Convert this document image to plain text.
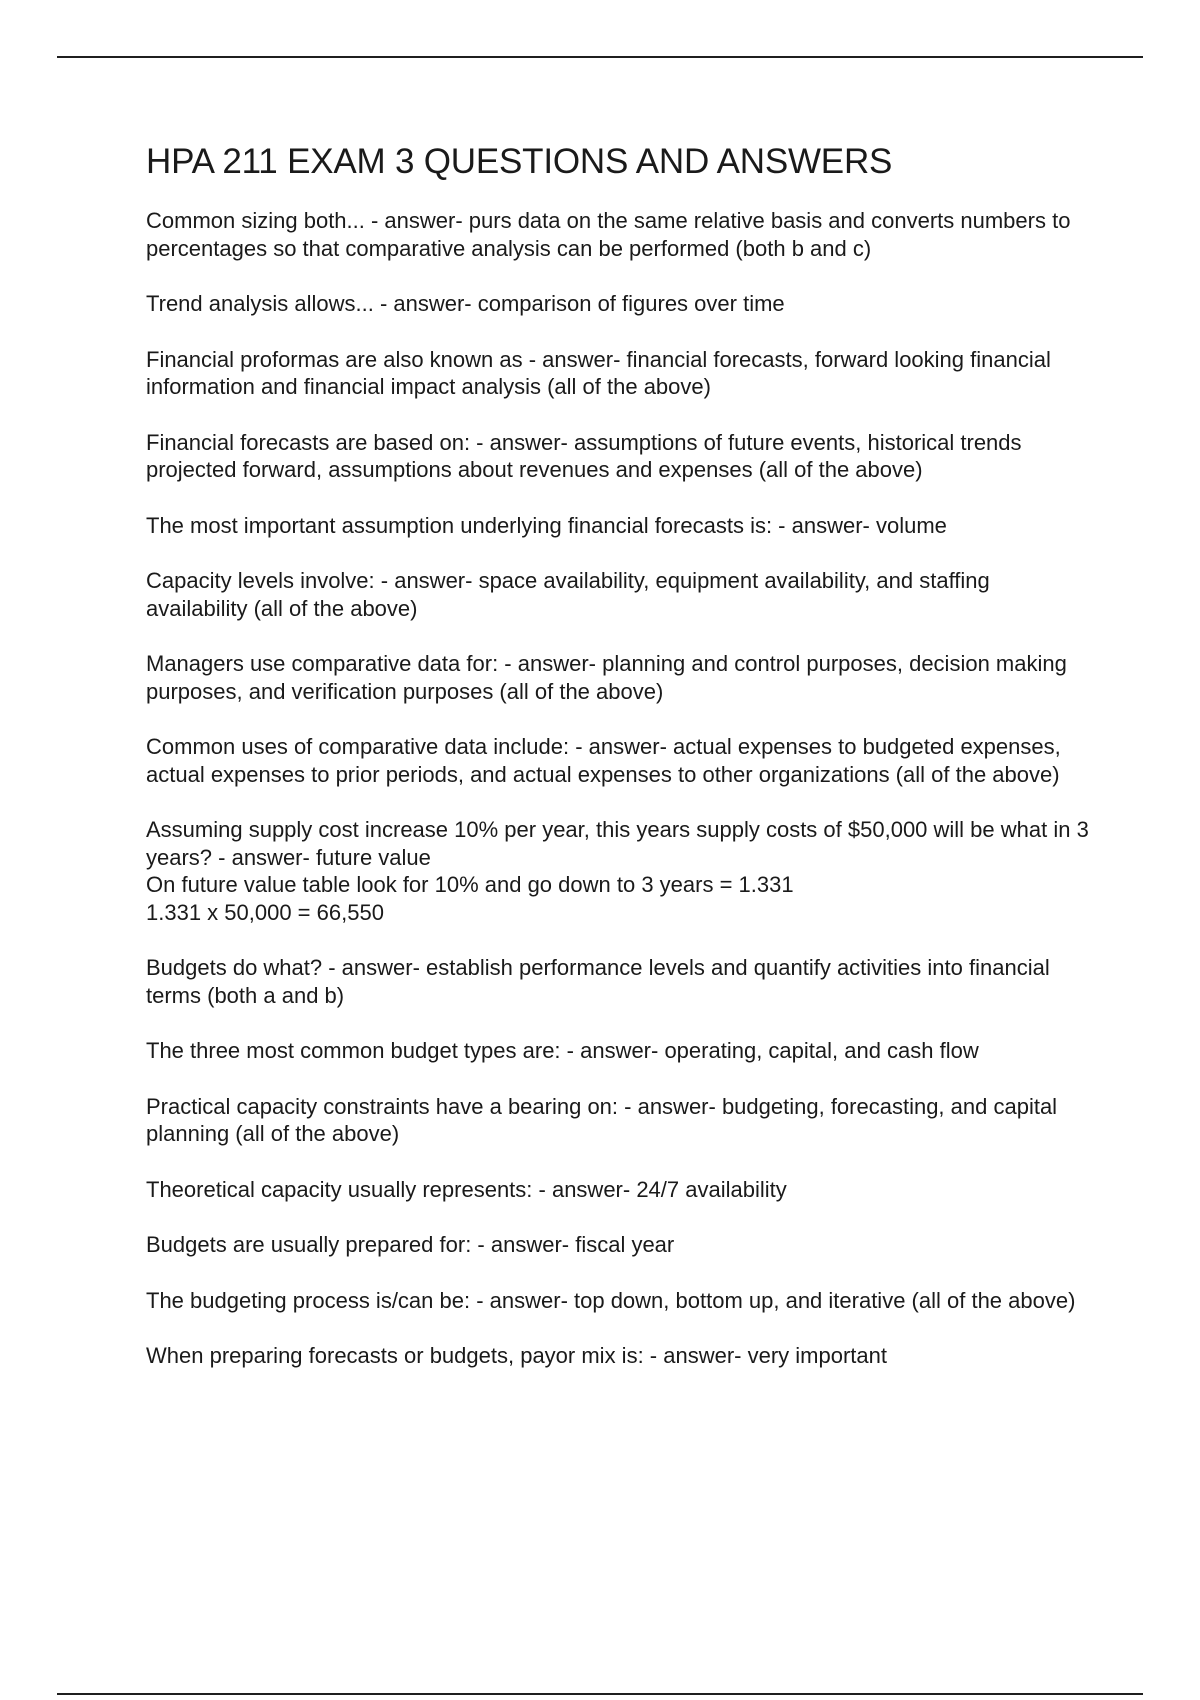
HPA 211 EXAM 3 QUESTIONS AND ANSWERS

Common sizing both... - answer- purs data on the same relative basis and converts numbers to percentages so that comparative analysis can be performed (both b and c)

Trend analysis allows... - answer- comparison of figures over time

Financial proformas are also known as - answer- financial forecasts, forward looking financial information and financial impact analysis (all of the above)

Financial forecasts are based on: - answer- assumptions of future events, historical trends projected forward, assumptions about revenues and expenses (all of the above)

The most important assumption underlying financial forecasts is: - answer- volume

Capacity levels involve: - answer- space availability, equipment availability, and staffing availability (all of the above)

Managers use comparative data for: - answer- planning and control purposes, decision making purposes, and verification purposes (all of the above)

Common uses of comparative data include: - answer- actual expenses to budgeted expenses, actual expenses to prior periods, and actual expenses to other organizations (all of the above)

Assuming supply cost increase 10% per year, this years supply costs of $50,000 will be what in 3 years? - answer- future value
On future value table look for 10% and go down to 3 years = 1.331
1.331 x 50,000 = 66,550

Budgets do what? - answer- establish performance levels and quantify activities into financial terms (both a and b)

The three most common budget types are: - answer- operating, capital, and cash flow

Practical capacity constraints have a bearing on: - answer- budgeting, forecasting, and capital planning (all of the above)

Theoretical capacity usually represents: - answer- 24/7 availability

Budgets are usually prepared for: - answer- fiscal year

The budgeting process is/can be: - answer- top down, bottom up, and iterative (all of the above)

When preparing forecasts or budgets, payor mix is: - answer- very important
